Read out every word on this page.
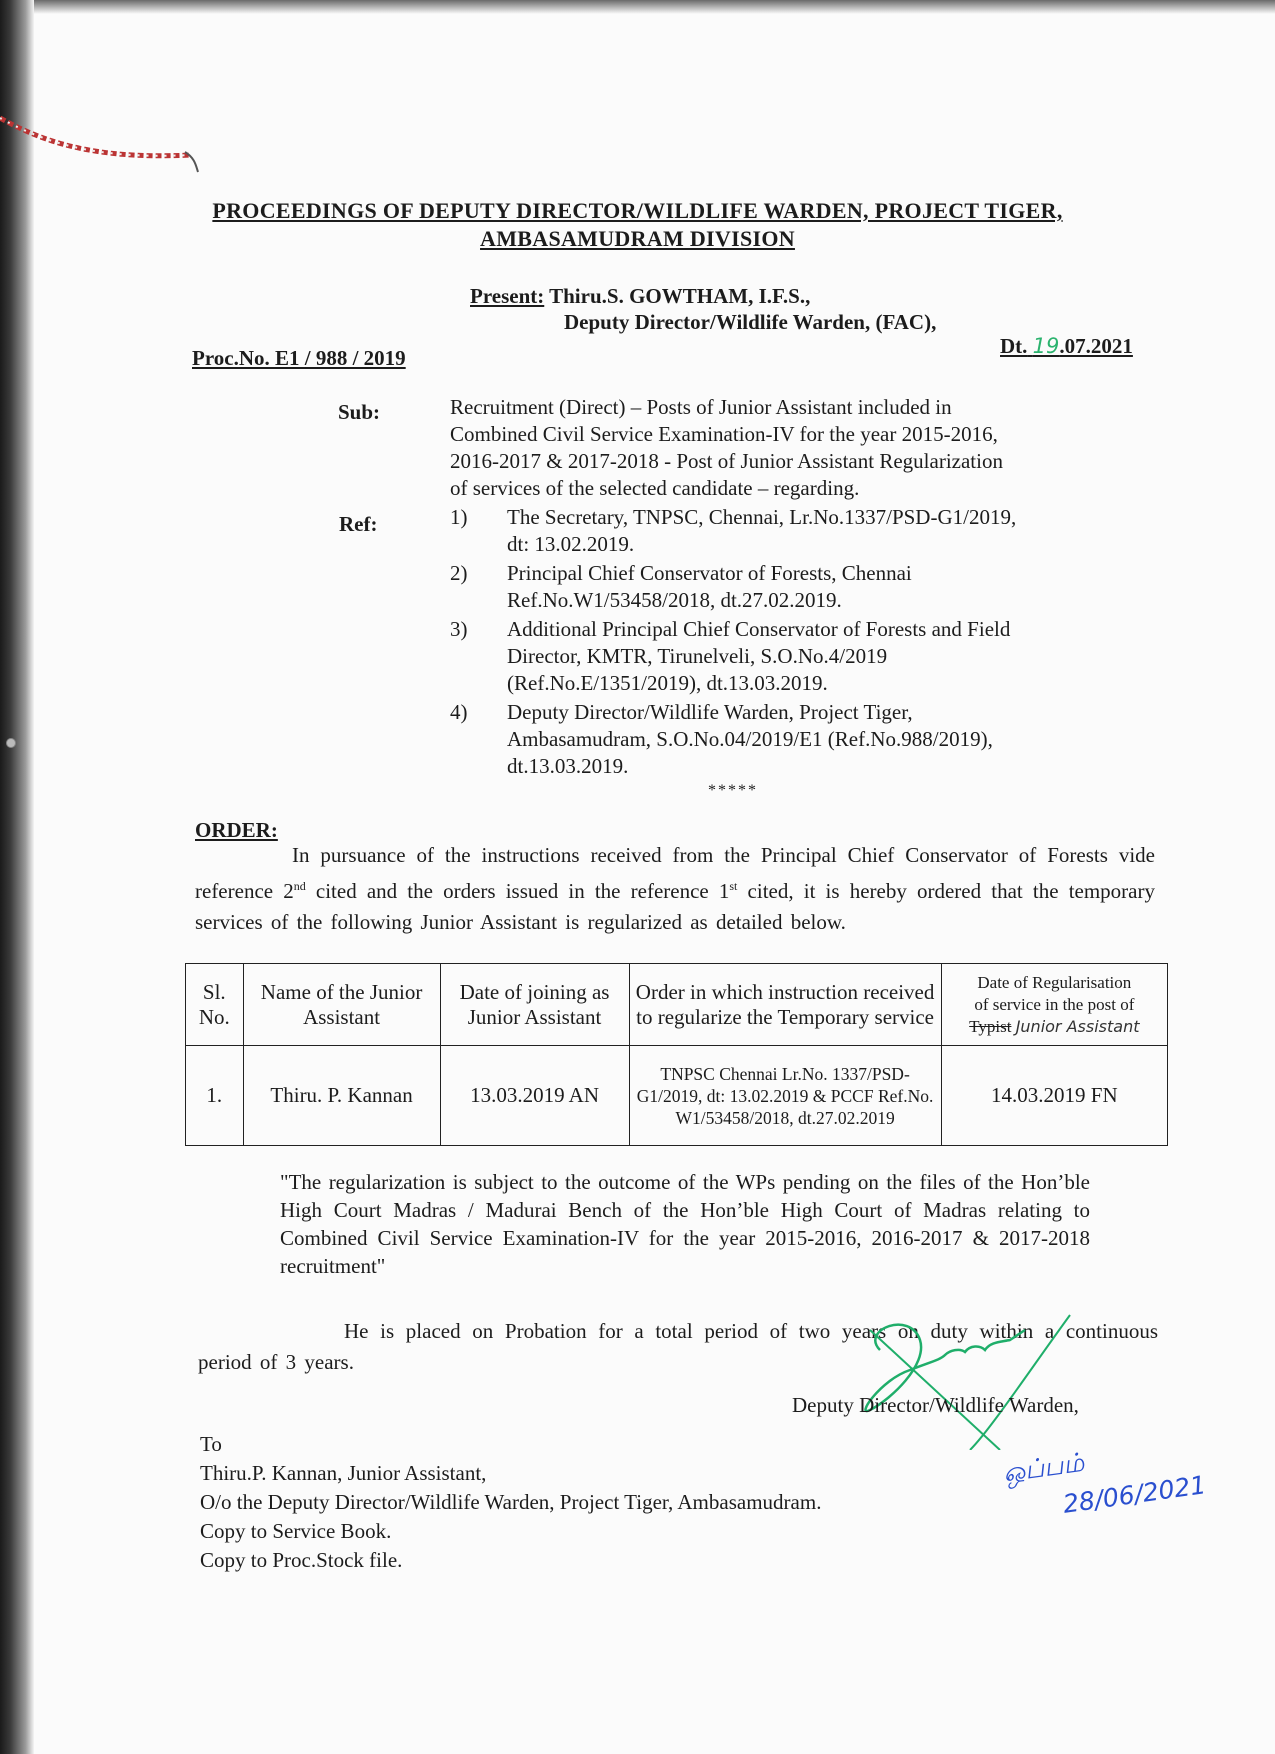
PROCEEDINGS OF DEPUTY DIRECTOR/WILDLIFE WARDEN, PROJECT TIGER,
AMBASAMUDRAM DIVISION
Present: Thiru.S. GOWTHAM, I.F.S.,
Deputy Director/Wildlife Warden, (FAC),
Proc.No. E1 / 988 / 2019	Dt. 19.07.2021
Sub:	Recruitment (Direct) – Posts of Junior Assistant included in
Combined Civil Service Examination-IV for the year 2015-2016,
2016-2017 & 2017-2018 - Post of Junior Assistant Regularization
of services of the selected candidate – regarding.
Ref:	1)	The Secretary, TNPSC, Chennai, Lr.No.1337/PSD-G1/2019,
dt: 13.02.2019.
2)	Principal Chief Conservator of Forests, Chennai
Ref.No.W1/53458/2018, dt.27.02.2019.
3)	Additional Principal Chief Conservator of Forests and Field
Director, KMTR, Tirunelveli, S.O.No.4/2019
(Ref.No.E/1351/2019), dt.13.03.2019.
4)	Deputy Director/Wildlife Warden, Project Tiger,
Ambasamudram, S.O.No.04/2019/E1 (Ref.No.988/2019),
dt.13.03.2019.
*****
ORDER:
In pursuance of the instructions received from the Principal Chief Conservator of Forests vide reference 2nd cited and the orders issued in the reference 1st cited, it is hereby ordered that the temporary services of the following Junior Assistant is regularized as detailed below.
Sl. No.	Name of the Junior Assistant	Date of joining as Junior Assistant	Order in which instruction received to regularize the Temporary service	Date of Regularisation
of service in the post of
Typist Junior Assistant

1.	Thiru. P. Kannan	13.03.2019 AN	TNPSC Chennai Lr.No. 1337/PSD-G1/2019, dt: 13.02.2019 & PCCF Ref.No. W1/53458/2018, dt.27.02.2019	14.03.2019 FN
"The regularization is subject to the outcome of the WPs pending on the files of the Hon’ble High Court Madras / Madurai Bench of the Hon’ble High Court of Madras relating to Combined Civil Service Examination-IV for the year 2015-2016, 2016-2017 & 2017-2018 recruitment"
He is placed on Probation for a total period of two years on duty within a continuous period of 3 years.
Deputy Director/Wildlife Warden,
To
Thiru.P. Kannan, Junior Assistant,
O/o the Deputy Director/Wildlife Warden, Project Tiger, Ambasamudram.
Copy to Service Book.
Copy to Proc.Stock file.
ஒப்பம்
28/06/2021
